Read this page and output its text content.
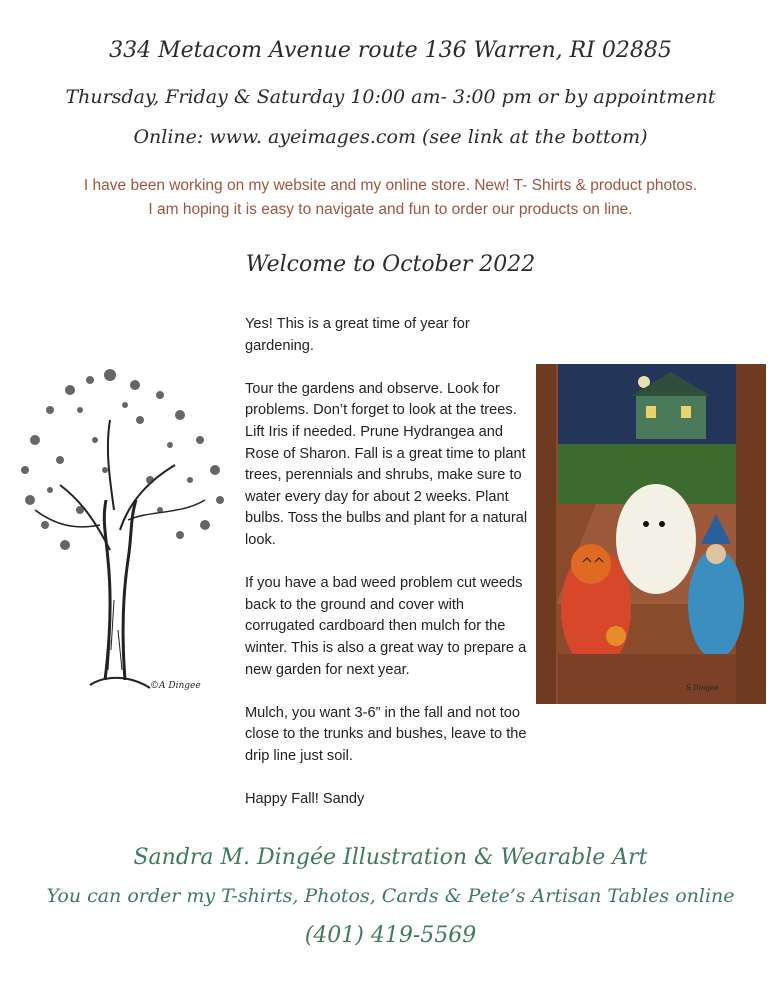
334 Metacom Avenue route 136 Warren, RI 02885
Thursday, Friday & Saturday 10:00 am- 3:00 pm or by appointment
Online: www. ayeimages.com (see link at the bottom)
I have been working on my website and my online store. New! T- Shirts & product photos.
I am hoping it is easy to navigate and fun to order our products on line.
Welcome to October 2022
©A Dingee

Yes! This is a great time of year for gardening.

Tour the gardens and observe. Look for problems. Don’t forget to look at the trees. Lift Iris if needed. Prune Hydrangea and Rose of Sharon. Fall is a great time to plant trees, perennials and shrubs, make sure to water every day for about 2 weeks. Plant bulbs. Toss the bulbs and plant for a natural look.

If you have a bad weed problem cut weeds back to the ground and cover with corrugated cardboard then mulch for the winter. This is also a great way to prepare a new garden for next year.

Mulch, you want 3-6” in the fall and not too close to the trunks and bushes, leave to the drip line just soil.

Happy Fall! Sandy

S Dingee
Sandra M. Dingée Illustration & Wearable Art
You can order my T-shirts, Photos, Cards & Pete’s Artisan Tables online
(401) 419-5569
